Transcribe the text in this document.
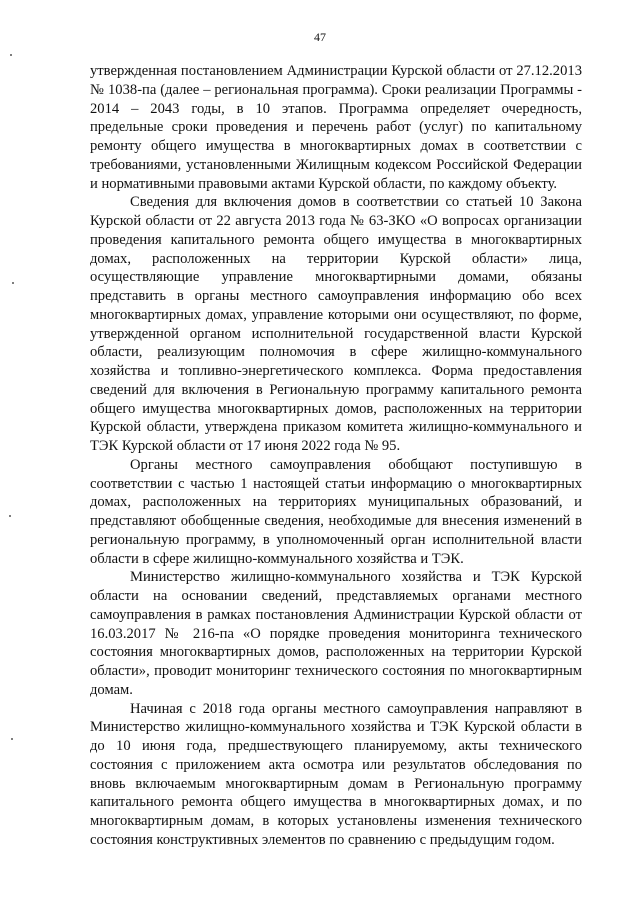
47

утвержденная постановлением Администрации Курской области от 27.12.2013 № 1038-па (далее – региональная программа). Сроки реализации Программы - 2014 – 2043 годы, в 10 этапов. Программа определяет очередность, предельные сроки проведения и перечень работ (услуг) по капитальному ремонту общего имущества в многоквартирных домах в соответствии с требованиями, установленными Жилищным кодексом Российской Федерации и нормативными правовыми актами Курской области, по каждому объекту.

Сведения для включения домов в соответствии со статьей 10 Закона Курской области от 22 августа 2013 года № 63-ЗКО «О вопросах организации проведения капитального ремонта общего имущества в многоквартирных домах, расположенных на территории Курской области» лица, осуществляющие управление многоквартирными домами, обязаны представить в органы местного самоуправления информацию обо всех многоквартирных домах, управление которыми они осуществляют, по форме, утвержденной органом исполнительной государственной власти Курской области, реализующим полномочия в сфере жилищно-коммунального хозяйства и топливно-энергетического комплекса. Форма предоставления сведений для включения в Региональную программу капитального ремонта общего имущества многоквартирных домов, расположенных на территории Курской области, утверждена приказом комитета жилищно-коммунального и ТЭК Курской области от 17 июня 2022 года № 95.

Органы местного самоуправления обобщают поступившую в соответствии с частью 1 настоящей статьи информацию о многоквартирных домах, расположенных на территориях муниципальных образований, и представляют обобщенные сведения, необходимые для внесения изменений в региональную программу, в уполномоченный орган исполнительной власти области в сфере жилищно-коммунального хозяйства и ТЭК.

Министерство жилищно-коммунального хозяйства и ТЭК Курской области на основании сведений, представляемых органами местного самоуправления в рамках постановления Администрации Курской области от 16.03.2017 № 216-па «О порядке проведения мониторинга технического состояния многоквартирных домов, расположенных на территории Курской области», проводит мониторинг технического состояния по многоквартирным домам.

Начиная с 2018 года органы местного самоуправления направляют в Министерство жилищно-коммунального хозяйства и ТЭК Курской области в до 10 июня года, предшествующего планируемому, акты технического состояния с приложением акта осмотра или результатов обследования по вновь включаемым многоквартирным домам в Региональную программу капитального ремонта общего имущества в многоквартирных домах, и по многоквартирным домам, в которых установлены изменения технического состояния конструктивных элементов по сравнению с предыдущим годом.
